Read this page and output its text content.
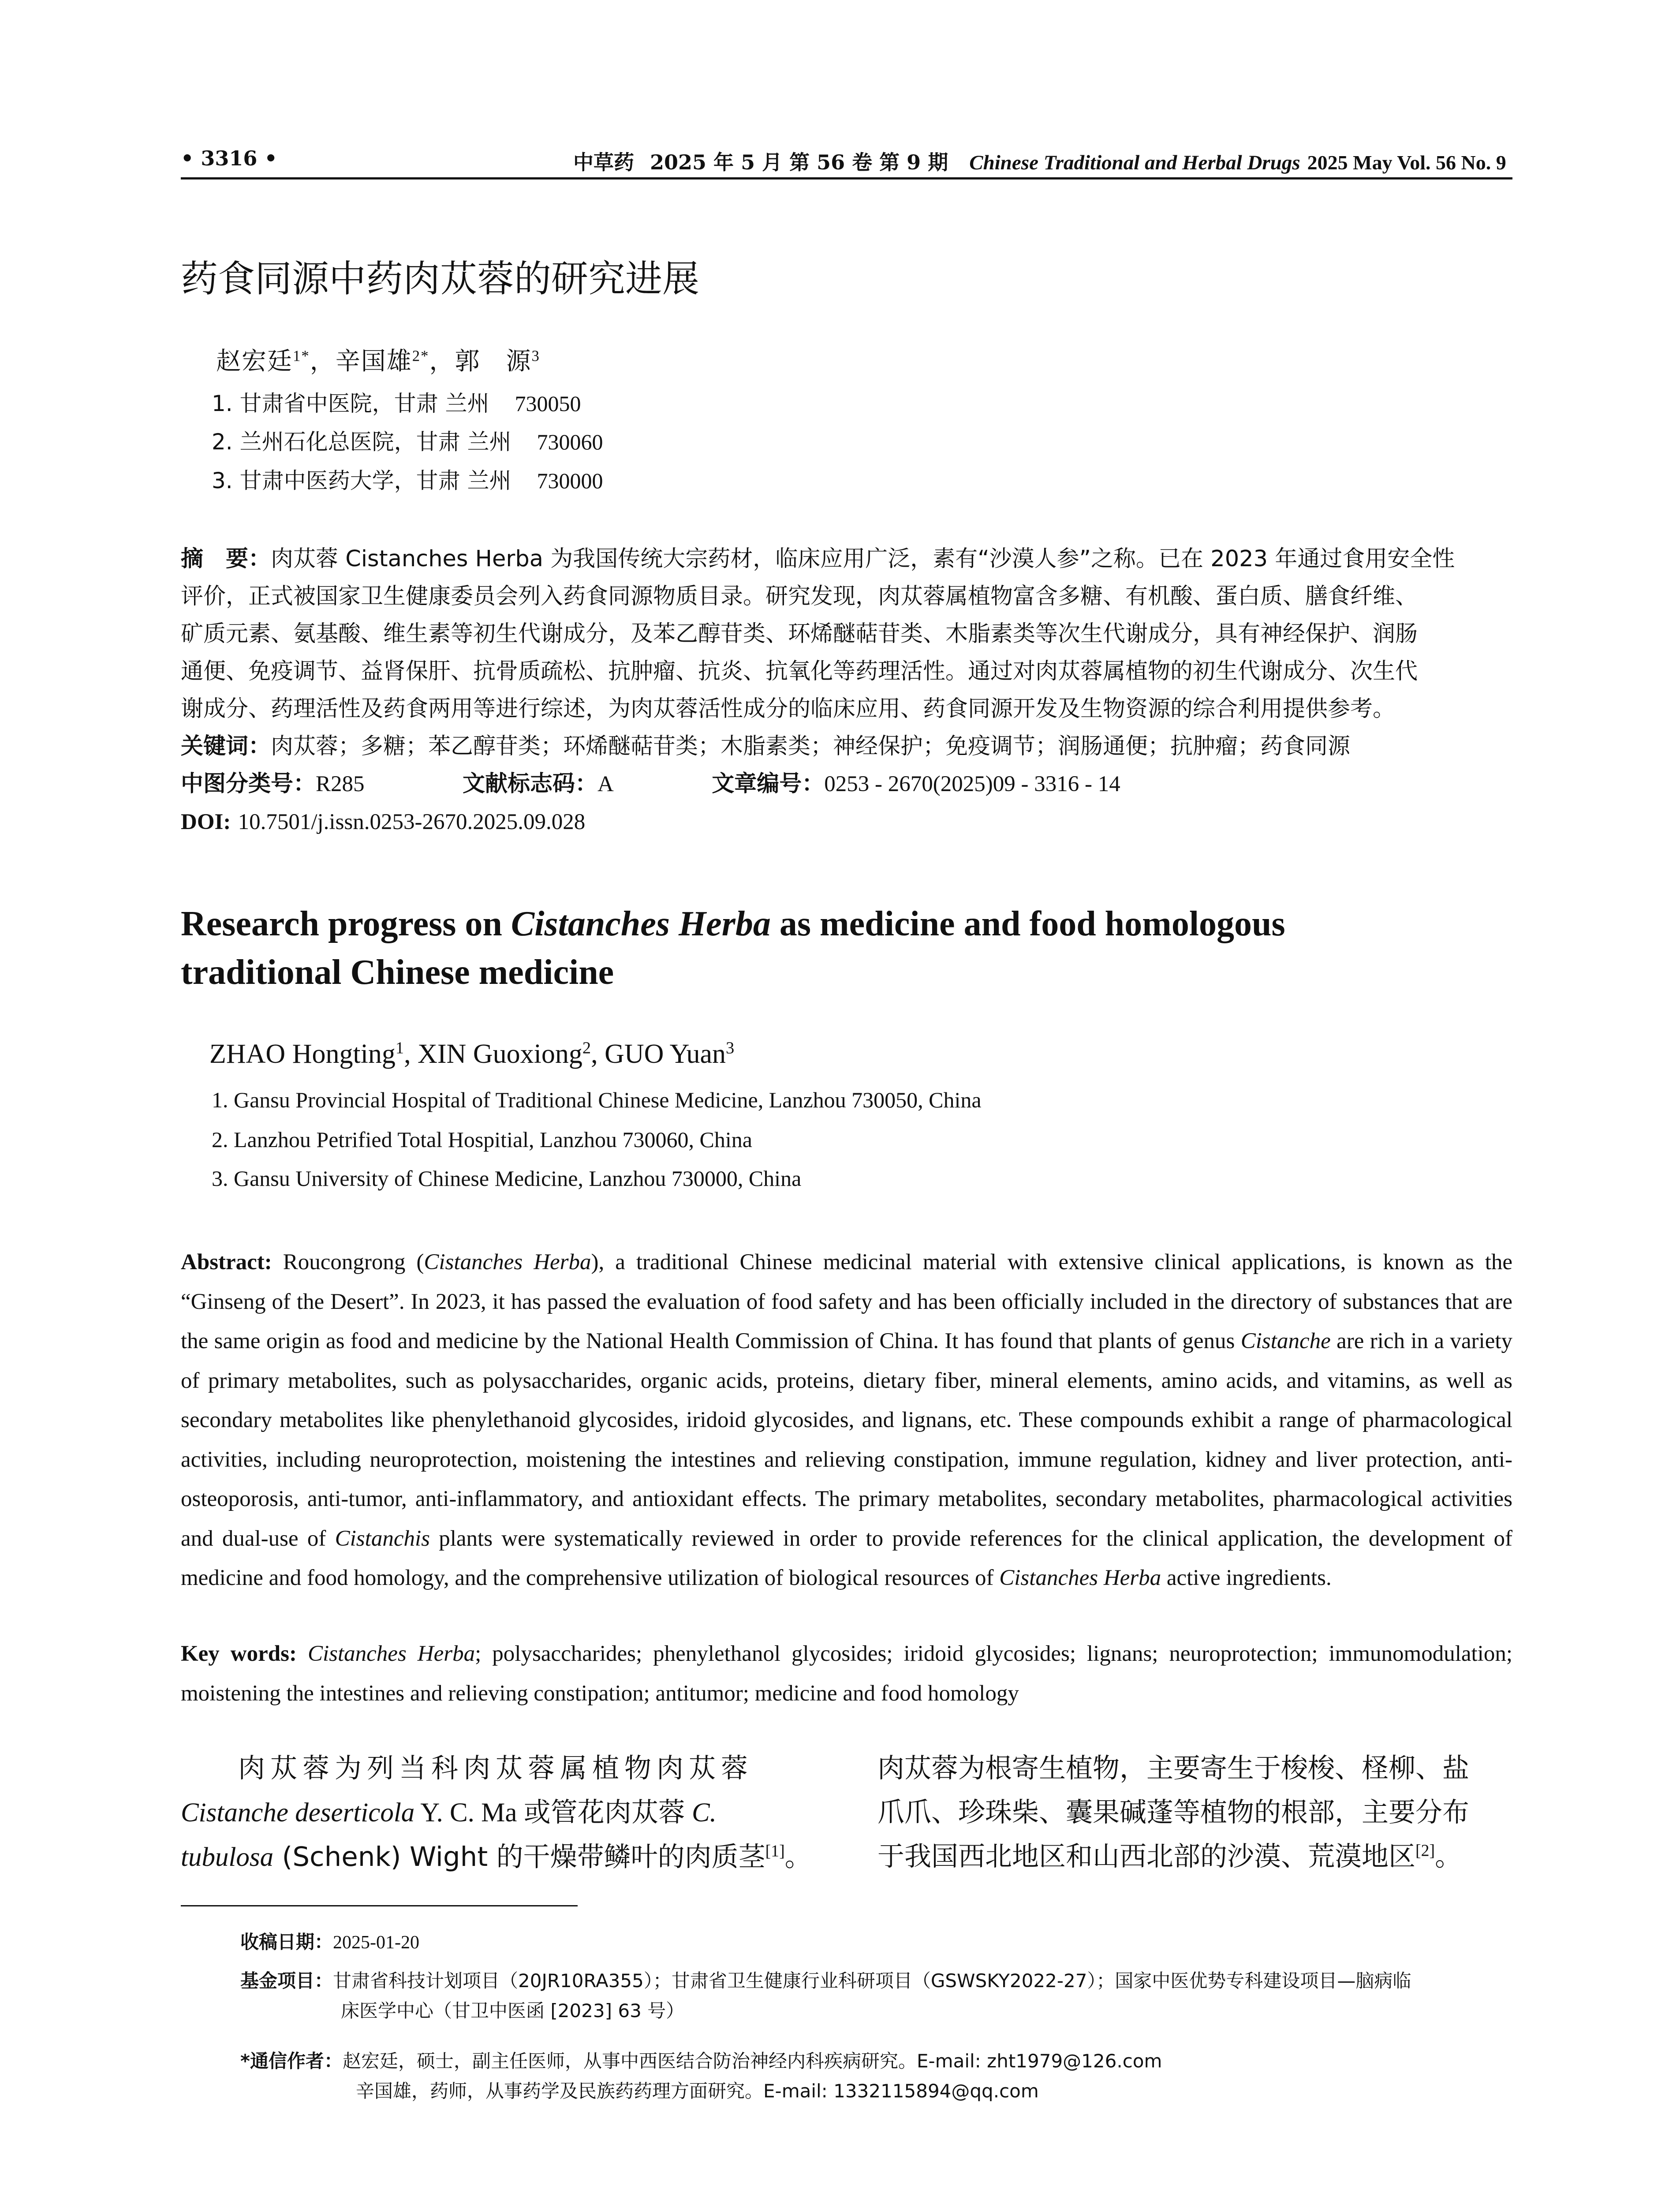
• 3316 •	中草药 2025 年 5 月 第 56 卷 第 9 期 Chinese Traditional and Herbal Drugs 2025 May Vol. 56 No. 9
药食同源中药肉苁蓉的研究进展
赵宏廷$^{1*}$，辛国雄$^{2*}$，郭　源$^3$
1. 甘肃省中医院，甘肃 兰州 730050
2. 兰州石化总医院，甘肃 兰州 730060
3. 甘肃中医药大学，甘肃 兰州 730000
摘　要：肉苁蓉 Cistanches Herba 为我国传统大宗药材，临床应用广泛，素有“沙漠人参”之称。已在 2023 年通过食用安全性
评价，正式被国家卫生健康委员会列入药食同源物质目录。研究发现，肉苁蓉属植物富含多糖、有机酸、蛋白质、膳食纤维、
矿质元素、氨基酸、维生素等初生代谢成分，及苯乙醇苷类、环烯醚萜苷类、木脂素类等次生代谢成分，具有神经保护、润肠
通便、免疫调节、益肾保肝、抗骨质疏松、抗肿瘤、抗炎、抗氧化等药理活性。通过对肉苁蓉属植物的初生代谢成分、次生代
谢成分、药理活性及药食两用等进行综述，为肉苁蓉活性成分的临床应用、药食同源开发及生物资源的综合利用提供参考。
关键词：肉苁蓉；多糖；苯乙醇苷类；环烯醚萜苷类；木脂素类；神经保护；免疫调节；润肠通便；抗肿瘤；药食同源
中图分类号：R285	文献标志码：A	文章编号：0253 - 2670(2025)09 - 3316 - 14
DOI: 10.7501/j.issn.0253-2670.2025.09.028
Research progress on Cistanches Herba as medicine and food homologous
traditional Chinese medicine
ZHAO Hongting$^1$, XIN Guoxiong$^2$, GUO Yuan$^3$
1. Gansu Provincial Hospital of Traditional Chinese Medicine, Lanzhou 730050, China
2. Lanzhou Petrified Total Hospitial, Lanzhou 730060, China
3. Gansu University of Chinese Medicine, Lanzhou 730000, China
Abstract: Roucongrong (Cistanches Herba), a traditional Chinese medicinal material with extensive clinical applications, is known as the “Ginseng of the Desert”. In 2023, it has passed the evaluation of food safety and has been officially included in the directory of substances that are the same origin as food and medicine by the National Health Commission of China. It has found that plants of genus Cistanche are rich in a variety of primary metabolites, such as polysaccharides, organic acids, proteins, dietary fiber, mineral elements, amino acids, and vitamins, as well as secondary metabolites like phenylethanoid glycosides, iridoid glycosides, and lignans, etc. These compounds exhibit a range of pharmacological activities, including neuroprotection, moistening the intestines and relieving constipation, immune regulation, kidney and liver protection, anti-osteoporosis, anti-tumor, anti-inflammatory, and antioxidant effects. The primary metabolites, secondary metabolites, pharmacological activities and dual-use of Cistanchis plants were systematically reviewed in order to provide references for the clinical application, the development of medicine and food homology, and the comprehensive utilization of biological resources of Cistanches Herba active ingredients.
Key words: Cistanches Herba; polysaccharides; phenylethanol glycosides; iridoid glycosides; lignans; neuroprotection; immunomodulation; moistening the intestines and relieving constipation; antitumor; medicine and food homology
肉苁蓉为列当科肉苁蓉属植物肉苁蓉
Cistanche deserticola Y. C. Ma 或管花肉苁蓉 C.
tubulosa (Schenk) Wight 的干燥带鳞叶的肉质茎[1]。
肉苁蓉为根寄生植物，主要寄生于梭梭、柽柳、盐
爪爪、珍珠柴、囊果碱蓬等植物的根部，主要分布
于我国西北地区和山西北部的沙漠、荒漠地区[2]。
收稿日期：2025-01-20
基金项目：甘肃省科技计划项目（20JR10RA355）；甘肃省卫生健康行业科研项目（GSWSKY2022-27）；国家中医优势专科建设项目—脑病临
床医学中心（甘卫中医函 [2023] 63 号）
*通信作者：赵宏廷，硕士，副主任医师，从事中西医结合防治神经内科疾病研究。E-mail: zht1979@126.com
辛国雄，药师，从事药学及民族药药理方面研究。E-mail: 1332115894@qq.com
